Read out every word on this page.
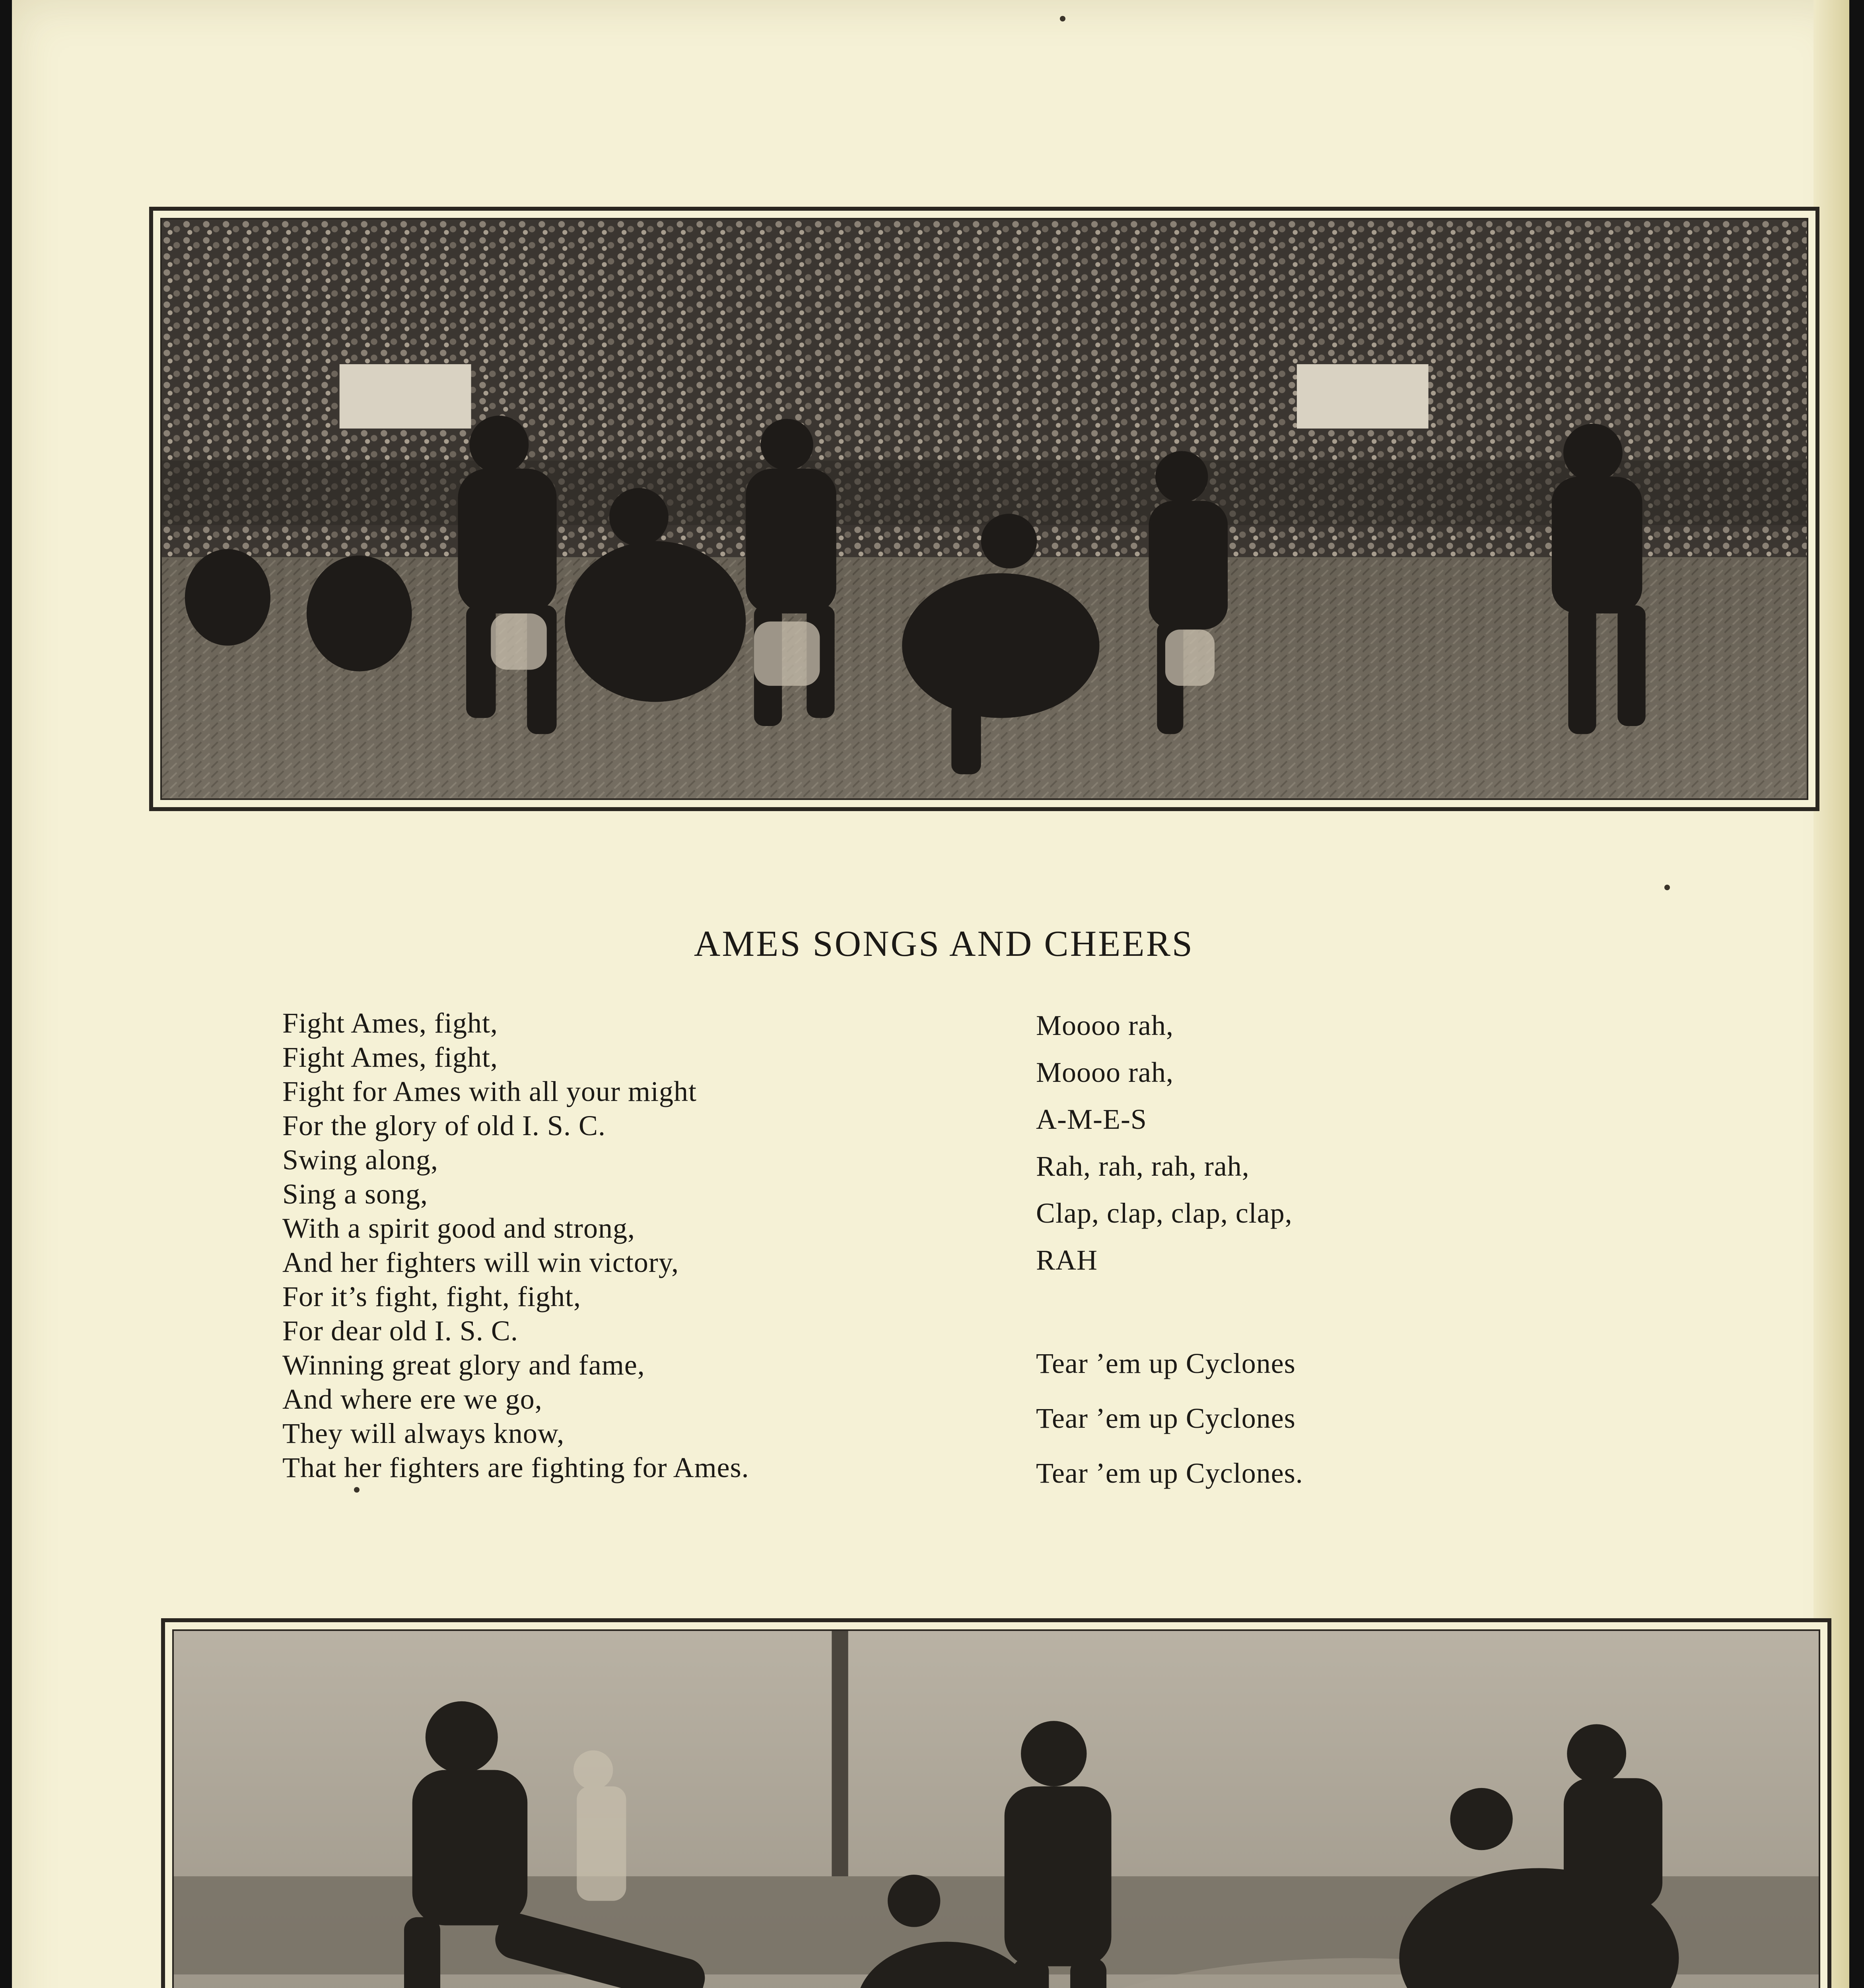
AMES SONGS AND CHEERS
Fight Ames, fight,
Fight Ames, fight,
Fight for Ames with all your might
For the glory of old I. S. C.
Swing along,
Sing a song,
With a spirit good and strong,
And her fighters will win victory,
For it’s fight, fight, fight,
For dear old I. S. C.
Winning great glory and fame,
And where ere we go,
They will always know,
That her fighters are fighting for Ames.
Moooo rah,
Moooo rah,
A-M-E-S
Rah, rah, rah, rah,
Clap, clap, clap, clap,
RAH
Tear ’em up Cyclones
Tear ’em up Cyclones
Tear ’em up Cyclones.
